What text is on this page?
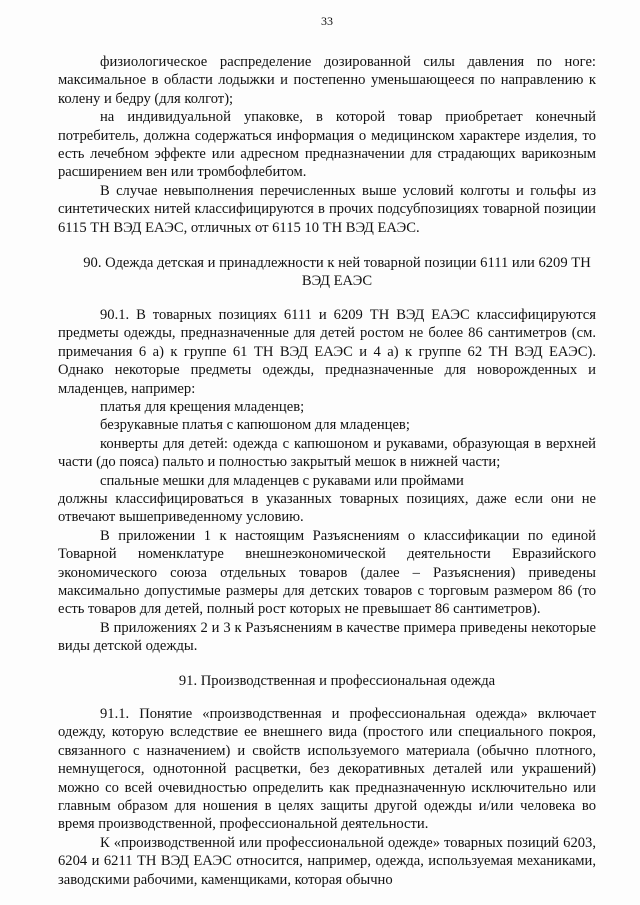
33

физиологическое распределение дозированной силы давления по ноге: максимальное в области лодыжки и постепенно уменьшающееся по направлению к колену и бедру (для колгот);

на индивидуальной упаковке, в которой товар приобретает конечный потребитель, должна содержаться информация о медицинском характере изделия, то есть лечебном эффекте или адресном предназначении для страдающих варикозным расширением вен или тромбофлебитом.

В случае невыполнения перечисленных выше условий колготы и гольфы из синтетических нитей классифицируются в прочих подсубпозициях товарной позиции 6115 ТН ВЭД ЕАЭС, отличных от 6115 10 ТН ВЭД ЕАЭС.

90. Одежда детская и принадлежности к ней товарной позиции 6111 или 6209 ТН ВЭД ЕАЭС

90.1. В товарных позициях 6111 и 6209 ТН ВЭД ЕАЭС классифицируются предметы одежды, предназначенные для детей ростом не более 86 сантиметров (см. примечания 6 а) к группе 61 ТН ВЭД ЕАЭС и 4 а) к группе 62 ТН ВЭД ЕАЭС). Однако некоторые предметы одежды, предназначенные для новорожденных и младенцев, например:

платья для крещения младенцев;

безрукавные платья с капюшоном для младенцев;

конверты для детей: одежда с капюшоном и рукавами, образующая в верхней части (до пояса) пальто и полностью закрытый мешок в нижней части;

спальные мешки для младенцев с рукавами или проймами

должны классифицироваться в указанных товарных позициях, даже если они не отвечают вышеприведенному условию.

В приложении 1 к настоящим Разъяснениям о классификации по единой Товарной номенклатуре внешнеэкономической деятельности Евразийского экономического союза отдельных товаров (далее – Разъяснения) приведены максимально допустимые размеры для детских товаров с торговым размером 86 (то есть товаров для детей, полный рост которых не превышает 86 сантиметров).

В приложениях 2 и 3 к Разъяснениям в качестве примера приведены некоторые виды детской одежды.

91. Производственная и профессиональная одежда

91.1. Понятие «производственная и профессиональная одежда» включает одежду, которую вследствие ее внешнего вида (простого или специального покроя, связанного с назначением) и свойств используемого материала (обычно плотного, немнущегося, однотонной расцветки, без декоративных деталей или украшений) можно со всей очевидностью определить как предназначенную исключительно или главным образом для ношения в целях защиты другой одежды и/или человека во время производственной, профессиональной деятельности.

К «производственной или профессиональной одежде» товарных позиций 6203, 6204 и 6211 ТН ВЭД ЕАЭС относится, например, одежда, используемая механиками, заводскими рабочими, каменщиками, которая обычно
